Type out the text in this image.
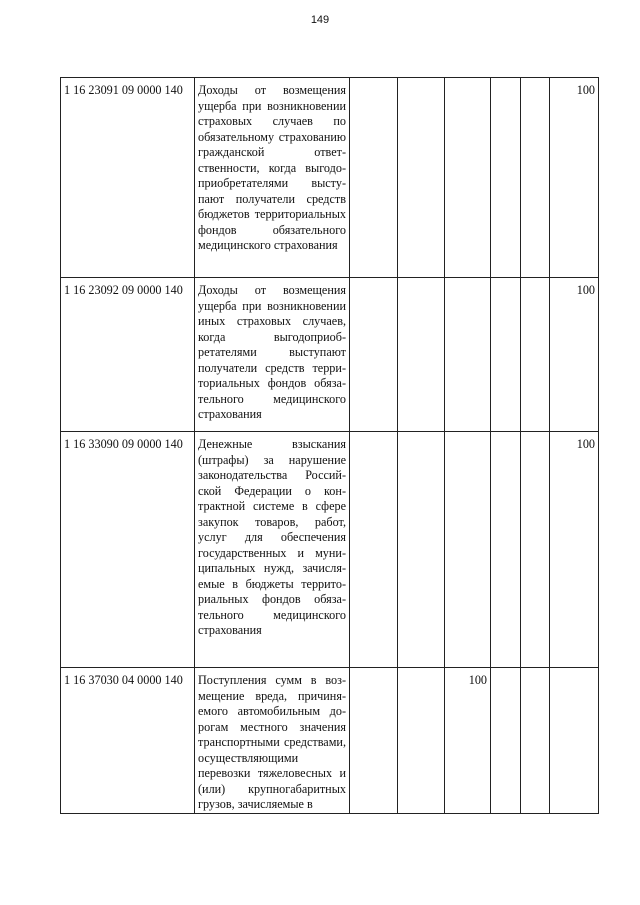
149
1 16 23091 09 0000 140	Доходы от возмещения ущерба при возникновении страховых случаев по обязательному страхованию гражданской ответственности, когда выгодоприобретателями выступают получатели средств бюджетов территориальных фондов обязательного медицинского страхования						100
1 16 23092 09 0000 140	Доходы от возмещения ущерба при возникновении иных страховых случаев, когда выгодоприобретателями выступают получатели средств территориальных фондов обязательного медицинского страхования						100
1 16 33090 09 0000 140	Денежные взыскания (штрафы) за нарушение законодательства Российской Федерации о контрактной системе в сфере закупок товаров, работ, услуг для обеспечения государственных и муниципальных нужд, зачисляемые в бюджеты территориальных фондов обязательного медицинского страхования						100
1 16 37030 04 0000 140	Поступления сумм в возмещение вреда, причиняемого автомобильным дорогам местного значения транспортными средствами, осуществляющими перевозки тяжеловесных и (или) крупногабаритных грузов, зачисляемые в			100			
